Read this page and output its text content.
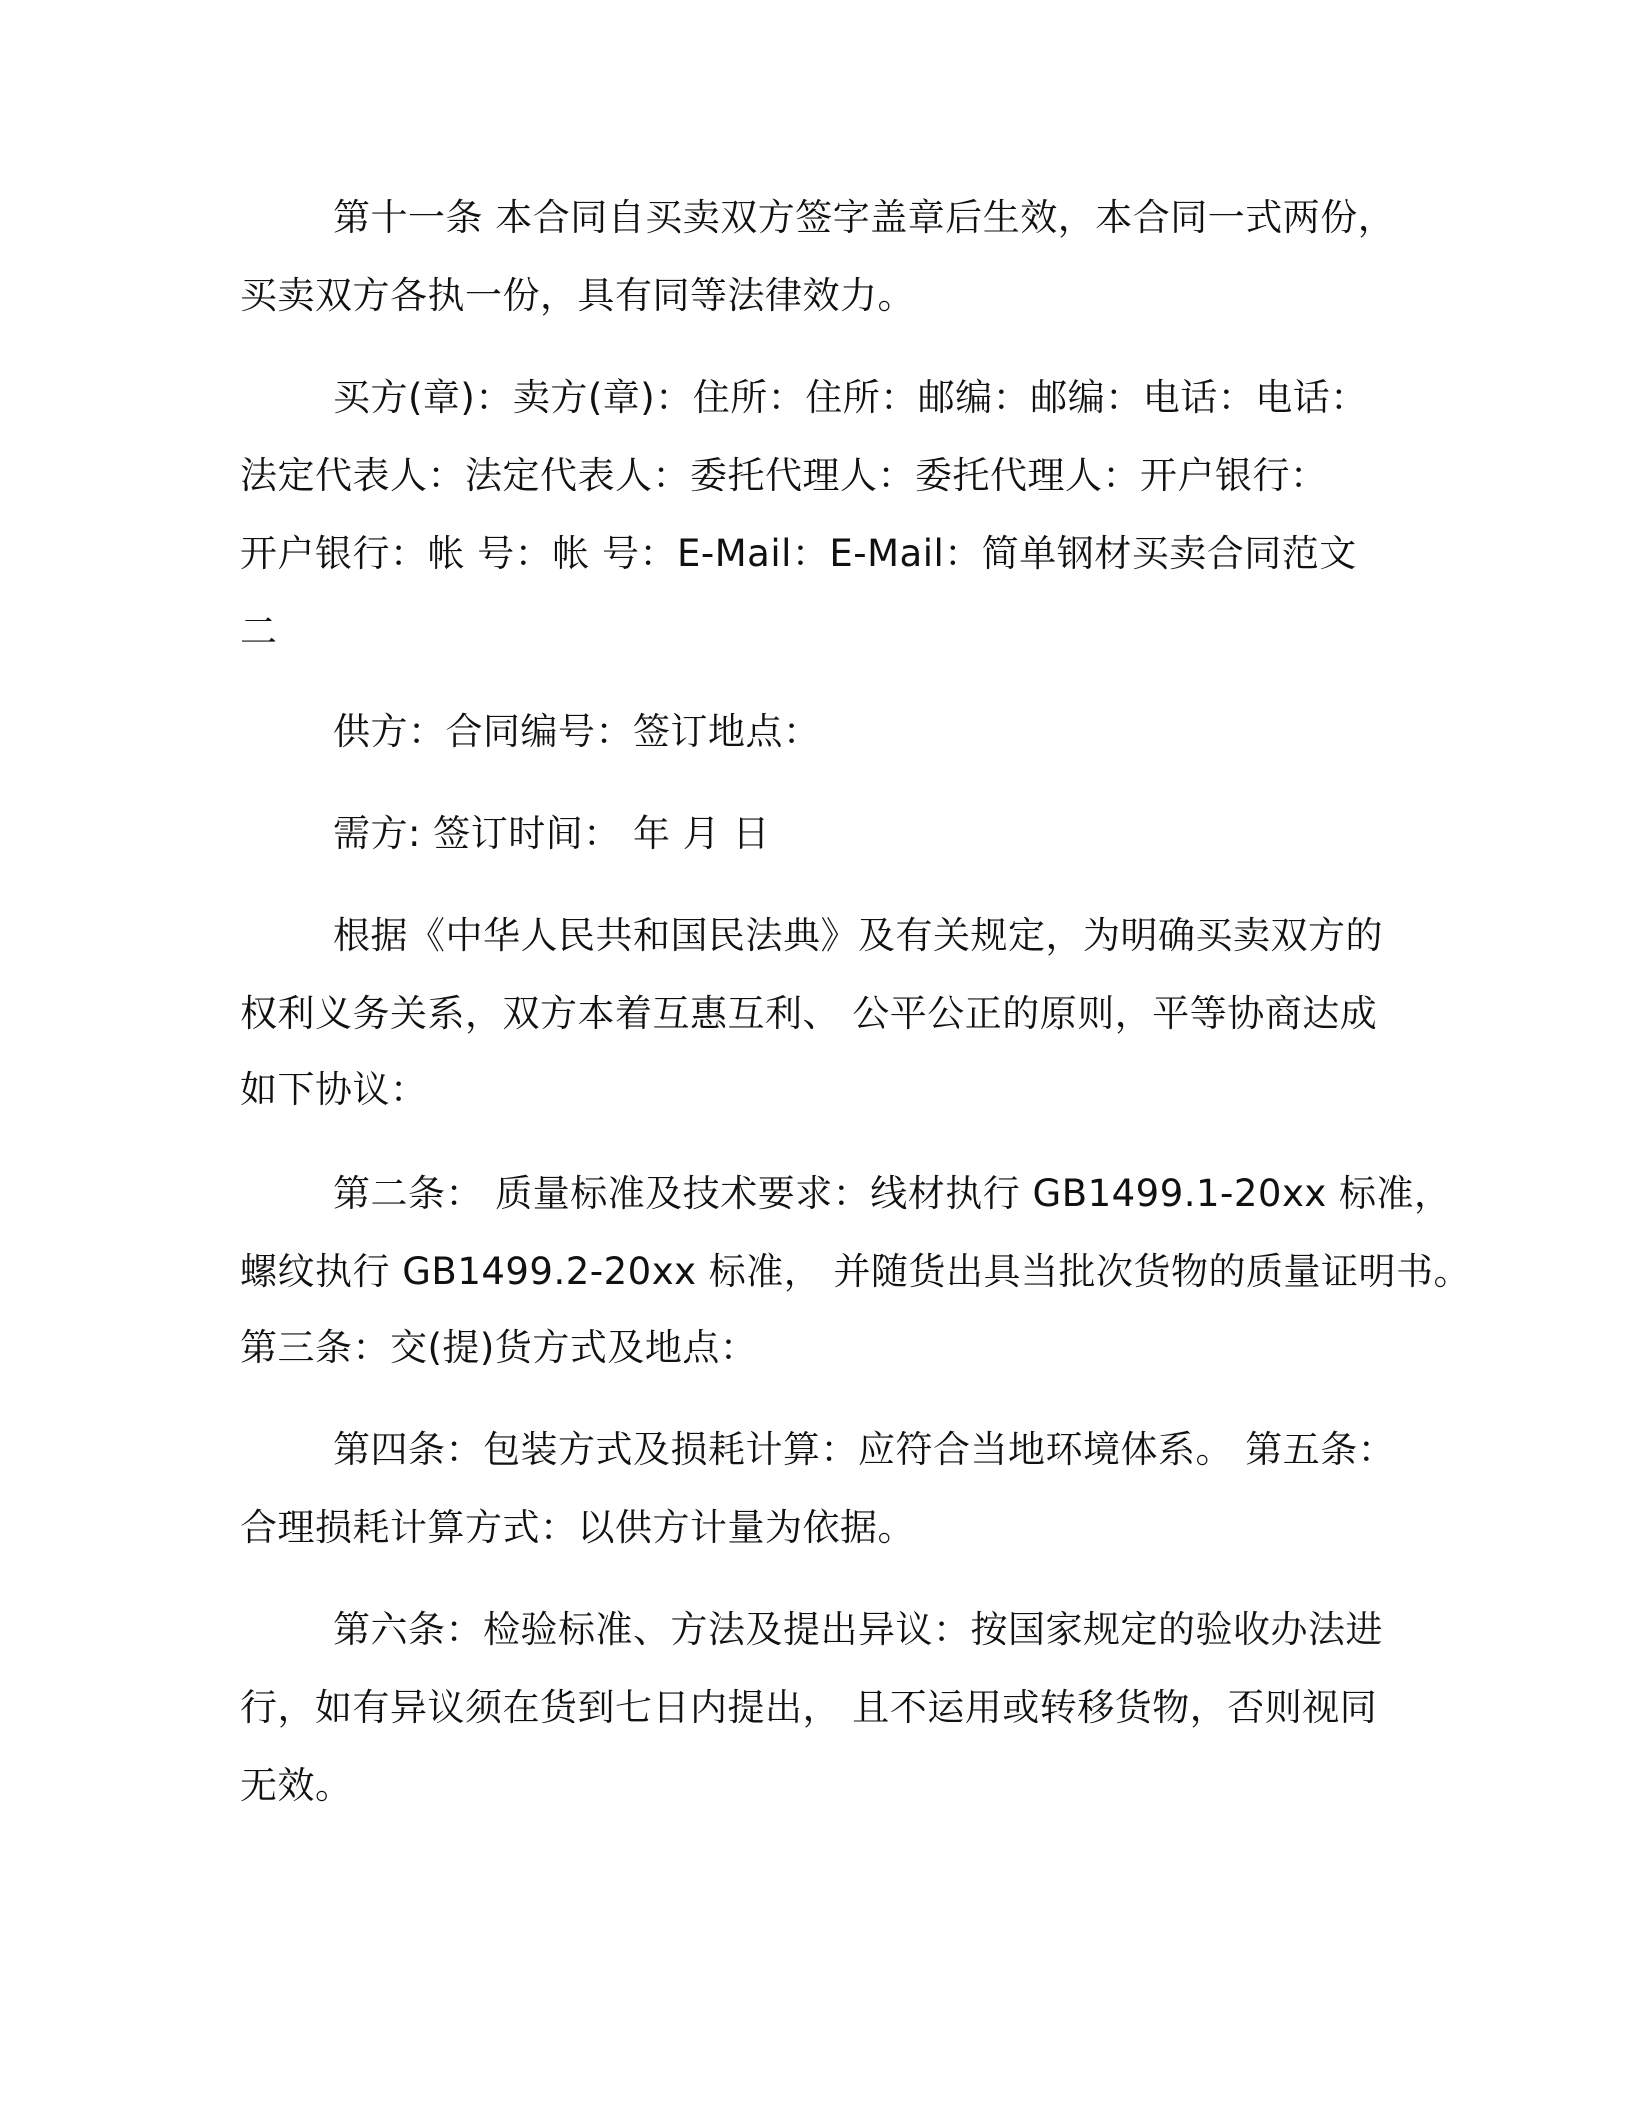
第十一条 本合同自买卖双方签字盖章后生效，本合同一式两份，

买卖双方各执一份，具有同等法律效力。

买方(章)：卖方(章)：住所：住所：邮编：邮编：电话：电话：

法定代表人：法定代表人：委托代理人：委托代理人：开户银行：

开户银行：帐 号：帐 号：E-Mail：E-Mail：简单钢材买卖合同范文

二

供方：合同编号：签订地点：

需方: 签订时间： 年 月 日

根据《中华人民共和国民法典》及有关规定，为明确买卖双方的

权利义务关系，双方本着互惠互利、 公平公正的原则，平等协商达成

如下协议：

第二条： 质量标准及技术要求：线材执行 GB1499.1-20xx 标准，

螺纹执行 GB1499.2-20xx 标准， 并随货出具当批次货物的质量证明书。

第三条：交(提)货方式及地点：

第四条：包装方式及损耗计算：应符合当地环境体系。 第五条：

合理损耗计算方式：以供方计量为依据。

第六条：检验标准、方法及提出异议：按国家规定的验收办法进

行，如有异议须在货到七日内提出， 且不运用或转移货物，否则视同

无效。
